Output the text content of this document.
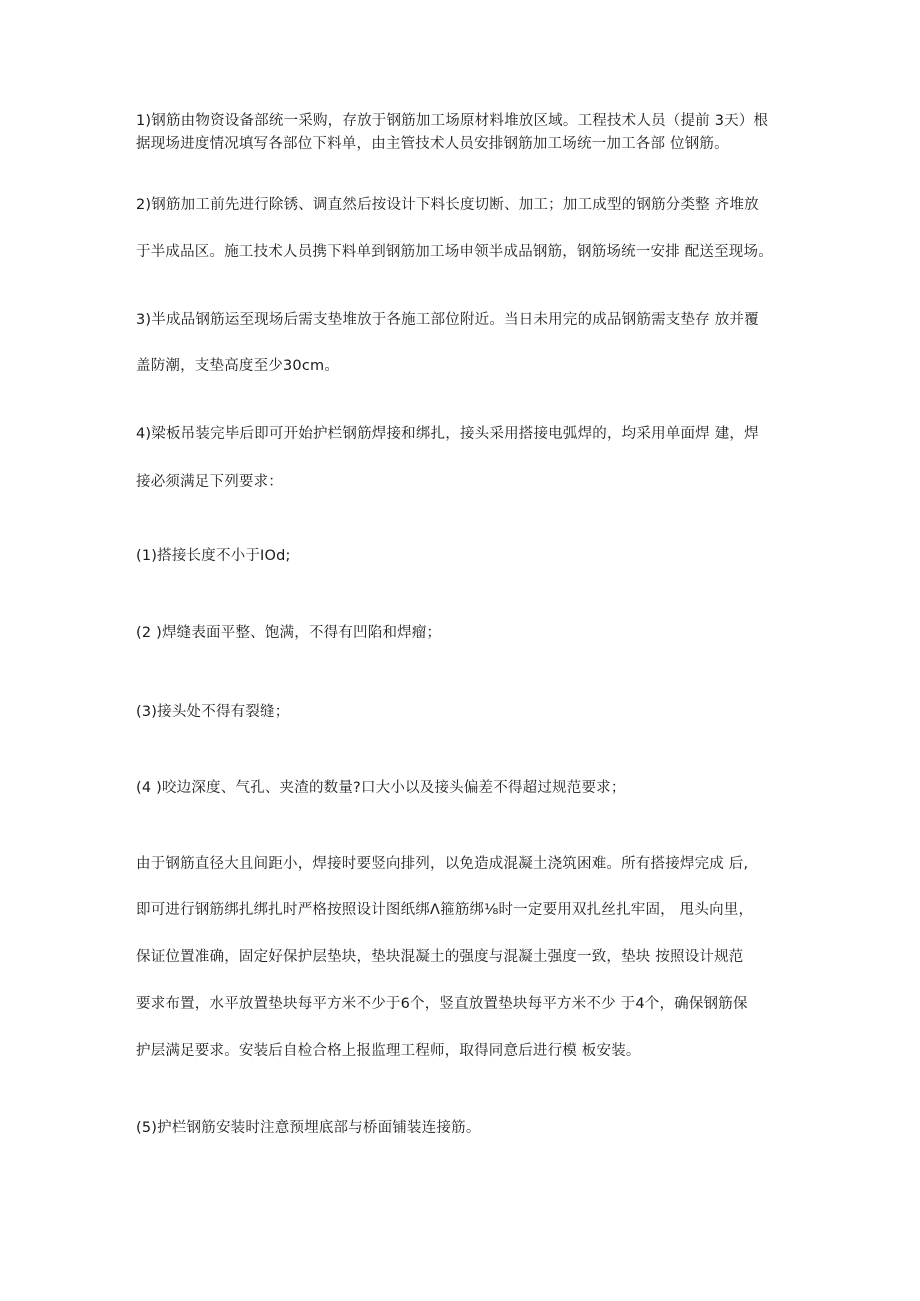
1)钢筋由物资设备部统一采购，存放于钢筋加工场原材料堆放区域。工程技术人员（提前 3天）根
据现场进度情况填写各部位下料单，由主管技术人员安排钢筋加工场统一加工各部 位钢筋。
2)钢筋加工前先进行除锈、调直然后按设计下料长度切断、加工；加工成型的钢筋分类整 齐堆放
于半成品区。施工技术人员携下料单到钢筋加工场申领半成品钢筋，钢筋场统一安排 配送至现场。
3)半成品钢筋运至现场后需支垫堆放于各施工部位附近。当日未用完的成品钢筋需支垫存 放并覆
盖防潮，支垫高度至少30cm。
4)梁板吊装完毕后即可开始护栏钢筋焊接和绑扎，接头采用搭接电弧焊的，均采用单面焊 建，焊
接必须满足下列要求：
(1)搭接长度不小于IOd;
(2 )焊缝表面平整、饱满，不得有凹陷和焊瘤；
(3)接头处不得有裂缝；
(4 )咬边深度、气孔、夹渣的数量?口大小以及接头偏差不得超过规范要求；
由于钢筋直径大且间距小，焊接时要竖向排列，以免造成混凝土浇筑困难。所有搭接焊完成 后,
即可进行钢筋绑扎绑扎时严格按照设计图纸绑Λ箍筋绑⅛时一定要用双扎丝扎牢固， 甩头向里，
保证位置准确，固定好保护层垫块，垫块混凝土的强度与混凝土强度一致，垫块 按照设计规范
要求布置，水平放置垫块每平方米不少于6个，竖直放置垫块每平方米不少 于4个，确保钢筋保
护层满足要求。安装后自检合格上报监理工程师，取得同意后进行模 板安装。
(5)护栏钢筋安装时注意预埋底部与桥面铺装连接筋。
